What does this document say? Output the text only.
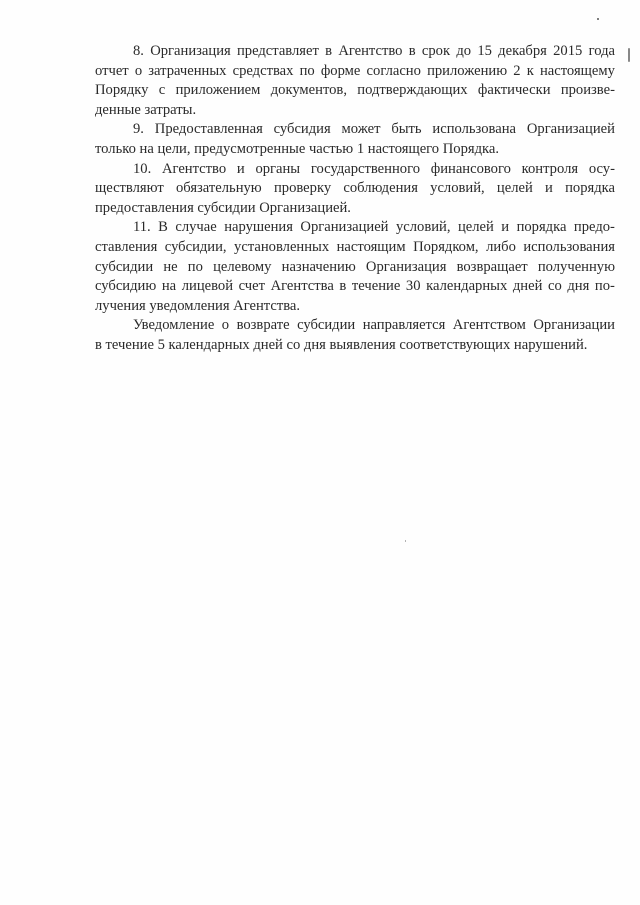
8. Организация представляет в Агентство в срок до 15 декабря 2015 года
отчет о затраченных средствах по форме согласно приложению 2 к настоящему
Порядку с приложением документов, подтверждающих фактически произве-
денные затраты.
9. Предоставленная субсидия может быть использована Организацией
только на цели, предусмотренные частью 1 настоящего Порядка.
10. Агентство и органы государственного финансового контроля осу-
ществляют обязательную проверку соблюдения условий, целей и порядка
предоставления субсидии Организацией.
11. В случае нарушения Организацией условий, целей и порядка предо-
ставления субсидии, установленных настоящим Порядком, либо использования
субсидии не по целевому назначению Организация возвращает полученную
субсидию на лицевой счет Агентства в течение 30 календарных дней со дня по-
лучения уведомления Агентства.
Уведомление о возврате субсидии направляется Агентством Организации
в течение 5 календарных дней со дня выявления соответствующих нарушений.
